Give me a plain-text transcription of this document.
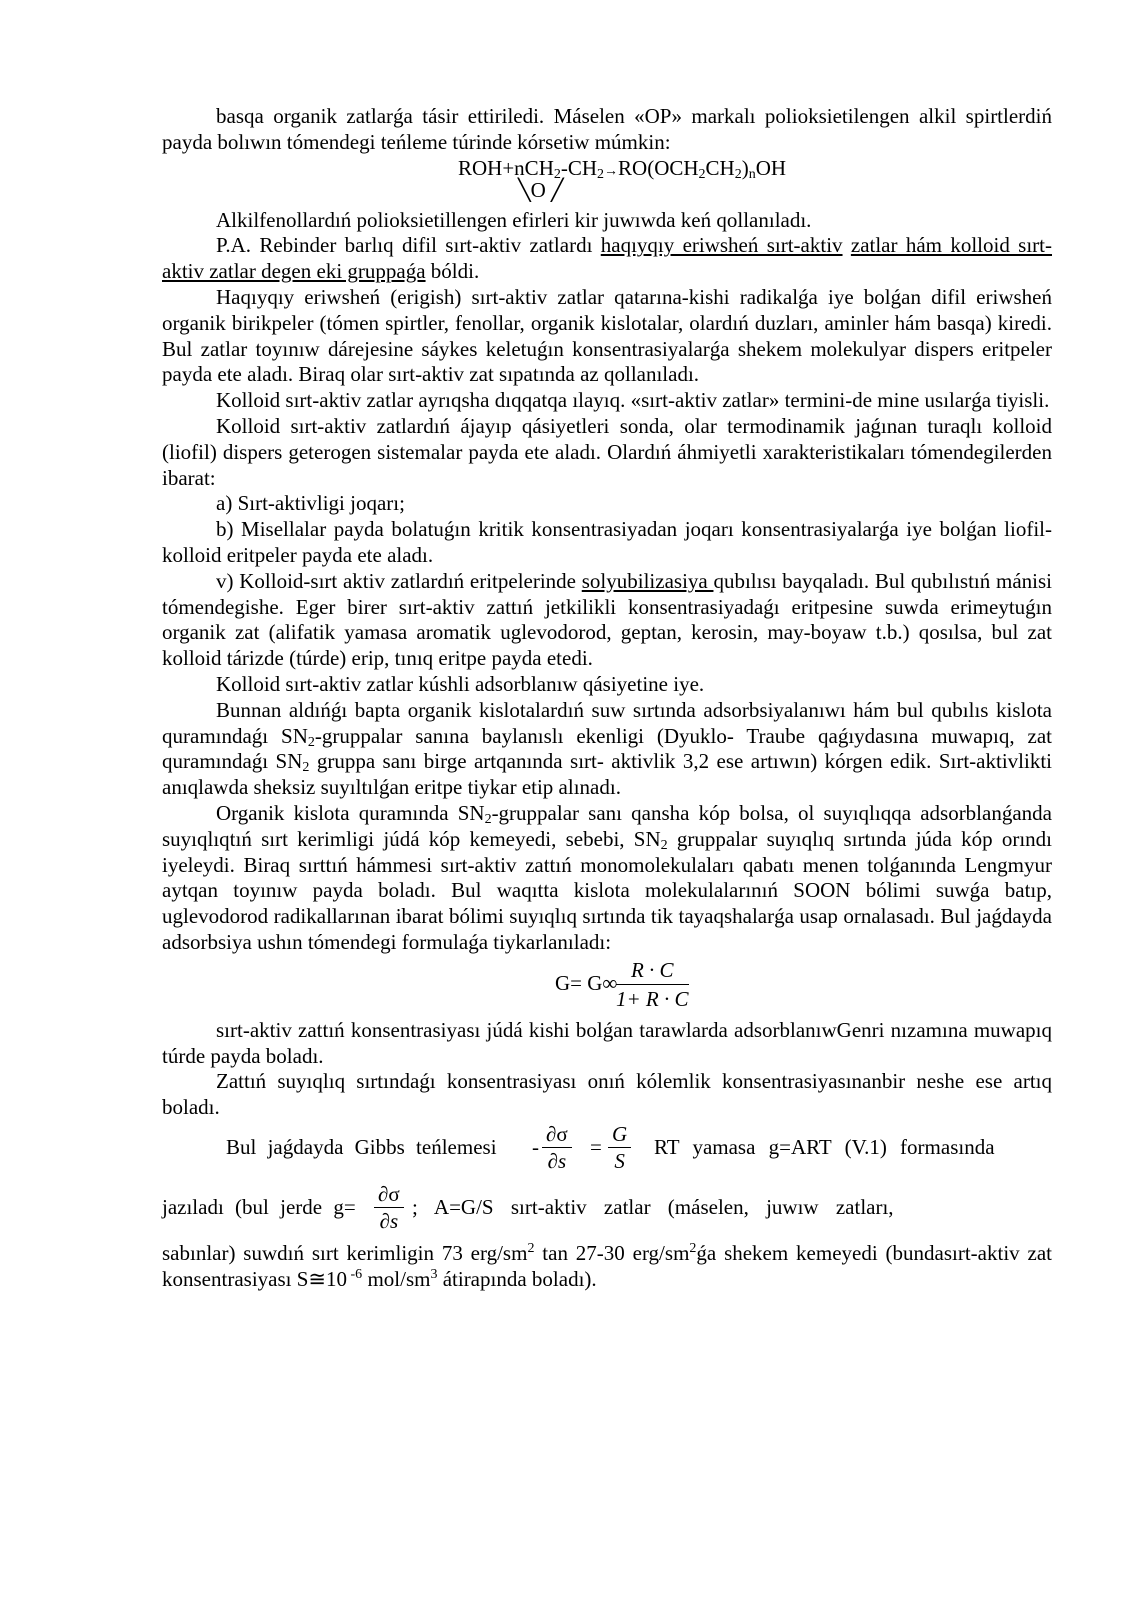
basqa organik zatlarǵa tásir ettiriledi. Máselen «OP» markalı polioksietilengen alkil spirtlerdiń payda bolıwın tómendegi teńleme túrinde kórsetiw múmkin:

$ROH+nCH_2-CH_2\to RO(OCH_2CH_2)_nOH$
╲O ╱

Alkilfenollardıń polioksietillengen efirleri kir juwıwda keń qollanıladı.

P.A. Rebinder barlıq difil sırt-aktiv zatlardı haqıyqıy eriwsheń sırt-aktiv zatlar hám kolloid sırt-aktiv zatlar degen eki gruppaǵa bóldi.

Haqıyqıy eriwsheń (erigish) sırt-aktiv zatlar qatarına-kishi radikalǵa iye bolǵan difil eriwsheń organik birikpeler (tómen spirtler, fenollar, organik kislotalar, olardıń duzları, aminler hám basqa) kiredi. Bul zatlar toyınıw dárejesine sáykes keletuǵın konsentrasiyalarǵa shekem molekulyar dispers eritpeler payda ete aladı. Biraq olar sırt-aktiv zat sıpatında az qollanıladı.

Kolloid sırt-aktiv zatlar ayrıqsha dıqqatqa ılayıq. «sırt-aktiv zatlar» termini-de mine usılarǵa tiyisli.

Kolloid sırt-aktiv zatlardıń ájayıp qásiyetleri sonda, olar termodinamik jaǵınan turaqlı kolloid (liofil) dispers geterogen sistemalar payda ete aladı. Olardıń áhmiyetli xarakteristikaları tómendegilerden ibarat:

a) Sırt-aktivligi joqarı;

b) Misellalar payda bolatuǵın kritik konsentrasiyadan joqarı konsentrasiyalarǵa iye bolǵan liofil-kolloid eritpeler payda ete aladı.

v) Kolloid-sırt aktiv zatlardıń eritpelerinde solyubilizasiya qubılısı bayqaladı. Bul qubılıstıń mánisi tómendegishe. Eger birer sırt-aktiv zattıń jetkilikli konsentrasiyadaǵı eritpesine suwda erimeytuǵın organik zat (alifatik yamasa aromatik uglevodorod, geptan, kerosin, may-boyaw t.b.) qosılsa, bul zat kolloid tárizde (túrde) erip, tınıq eritpe payda etedi.

Kolloid sırt-aktiv zatlar kúshli adsorblanıw qásiyetine iye.

Bunnan aldıńǵı bapta organik kislotalardıń suw sırtında adsorbsiyalanıwı hám bul qubılıs kislota quramındaǵı $SN_2$-gruppalar sanına baylanıslı ekenligi (Dyuklo- Traube qaǵıydasına muwapıq, zat quramındaǵı $SN_2$ gruppa sanı birge artqanında sırt- aktivlik 3,2 ese artıwın) kórgen edik. Sırt-aktivlikti anıqlawda sheksiz suyıltılǵan eritpe tiykar etip alınadı.

Organik kislota quramında $SN_2$-gruppalar sanı qansha kóp bolsa, ol suyıqlıqqa adsorblanǵanda suyıqlıqtıń sırt kerimligi júdá kóp kemeyedi, sebebi, $SN_2$ gruppalar suyıqlıq sırtında júda kóp orındı iyeleydi. Biraq sırttıń hámmesi sırt-aktiv zattıń monomolekulaları qabatı menen tolǵanında Lengmyur aytqan toyınıw payda boladı. Bul waqıtta kislota molekulalarınıń SOON bólimi suwǵa batıp, uglevodorod radikallarınan ibarat bólimi suyıqlıq sırtında tik tayaqshalarǵa usap ornalasadı. Bul jaǵdayda adsorbsiya ushın tómendegi formulaǵa tiykarlanıladı:

G= G∞
$\frac{R \cdot C}{1+ R \cdot C}$

sırt-aktiv zattıń konsentrasiyası júdá kishi bolǵan tarawlarda adsorblanıwGenri nızamına muwapıq túrde payda boladı.

Zattıń suyıqlıq sırtındaǵı konsentrasiyası onıń kólemlik konsentrasiyasınanbir neshe ese artıq boladı.

Bul jaǵdayda Gibbs teńlemesi - $\frac{\partial\sigma}{\partial s} = \frac{G}{S}$ RT yamasa g=ART (V.1) formasında
jazıladı (bul jerde $g= \frac{\partial\sigma}{\partial s}$ ; A=G/S sırt-aktiv zatlar (máselen, juwıw zatları,

sabınlar) suwdıń sırt kerimligin 73 erg/$sm^2$ tan 27-30 erg/$sm^2ǵa$ shekem kemeyedi (bundasırt-aktiv zat konsentrasiyası S≅10 $^{-6}$ mol/$sm^3$ átirapında boladı).
